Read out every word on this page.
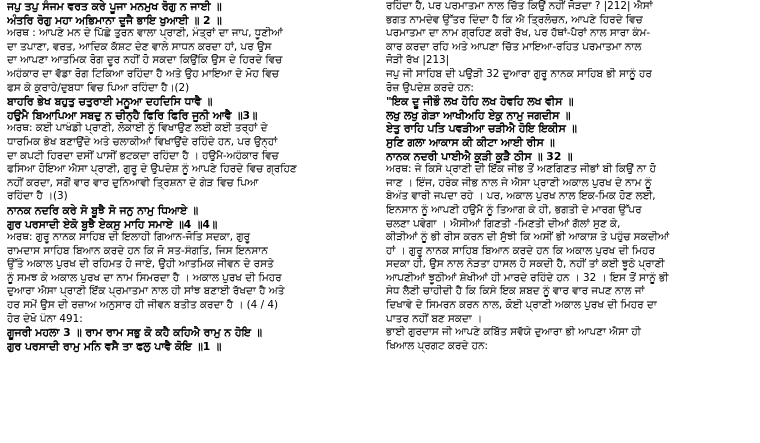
ਜਪੁ ਤਪੁ ਸੰਜਮ ਵਰਤ ਕਰੇ ਪੂਜਾ ਮਨਮੁਖ ਰੋਗੁ ਨ ਜਾਈ ॥
ਅੰਤਰਿ ਰੋਗੁ ਮਹਾ ਅਭਿਮਾਨਾ ਦੂਜੈ ਭਾਇ ਖੁਆਈ ॥ 2 ॥
ਅਰਥ : ਆਪਣੇ ਮਨ ਦੇ ਪਿੱਛੇ ਤੁਰਨ ਵਾਲਾ ਪ੍ਰਾਣੀ, ਮੰਤ੍ਰਾਂ ਦਾ ਜਾਪ, ਧੂਣੀਆਂ
ਦਾ ਤਪਾਣਾ, ਵਰਤ, ਆਦਿਕ ਕੱਸ਼ਟ ਦੇਣ ਵਾਲੇ ਸਾਧਨ ਕਰਦਾ ਹਾਂ, ਪਰ ਉਸ
ਦਾ ਆਪਣਾ ਆਤਮਿਕ ਰੋਗ ਦੂਰ ਨਹੀਂ ਹੋ ਸਕਦਾ ਕਿਉਂਕਿ ਉਸ ਦੇ ਹਿਰਦੇ ਵਿਚ
ਅਹੰਕਾਰ ਦਾ ਵੱਡਾ ਰੋਗ ਟਿਕਿਆ ਰਹਿੰਦਾ ਹੈ ਅਤੇ ਉਹ ਮਾਇਆ ਦੇ ਮੋਹ ਵਿਚ
ਫਸ ਕੇ ਕੁਰਾਹੇ/ਦੁਬਧਾ ਵਿਚ ਪਿਆ ਰਹਿੰਦਾ ਹੈ।(2)
ਬਾਹਰਿ ਭੇਖ ਬਹੁਤੁ ਚਤੁਰਾਈ ਮਨੂਆ ਦਹਦਿਸਿ ਧਾਵੈ ॥
ਹਉਮੈ ਬਿਆਪਿਆ ਸਬਦੁ ਨ ਚੀਨ੍ਹੈ ਫਿਰਿ ਫਿਰਿ ਜੂਨੀ ਆਵੈ ॥3॥
ਅਰਥ: ਕਈ ਪਾਖੰਡੀ ਪ੍ਰਾਣੀ, ਲੋਕਾਈ ਨੂੰ ਵਿਖਾਉਣ ਲਈ ਕਈ ਤਰ੍ਹਾਂ ਦੇ
ਧਾਰਮਿਕ ਭੇਖ ਬਣਾਉਂਦੇ ਅਤੇ ਚਲਾਕੀਆਂ ਵਿਖਾਉਂਦੇ ਰਹਿੰਦੇ ਹਨ, ਪਰ ਉਨ੍ਹਾਂ
ਦਾ ਕਪਟੀ ਹਿਰਦਾ ਦਸੀਂ ਪਾਸੀਂ ਭਟਕਦਾ ਰਹਿੰਦਾ ਹੈ । ਹਉਮੈ-ਅਹੰਕਾਰ ਵਿਚ
ਫਸਿਆ ਹੋਇਆ ਐਸਾ ਪ੍ਰਾਣੀ, ਗੁਰੂ ਦੇ ਉਪਦੇਸ਼ ਨੂੰ ਆਪਣੇ ਹਿਰਦੇ ਵਿਚ ਗ੍ਰਹਿਣ
ਨਹੀਂ ਕਰਦਾ, ਸਗੋਂ ਵਾਰ ਵਾਰ ਦੁਨਿਆਵੀ ਤ੍ਰਿਸ਼ਨਾ ਦੇ ਗੇੜ ਵਿਚ ਪਿਆ
ਰਹਿੰਦਾ ਹੈ ।(3)
ਨਾਨਕ ਨਦਰਿ ਕਰੇ ਸੋ ਬੂਝੈ ਸੋ ਜਨੁ ਨਾਮੁ ਧਿਆਏ ॥
ਗੁਰ ਪਰਸਾਦੀ ਏਕੋ ਬੂਝੈ ਏਕਸੁ ਮਾਹਿ ਸਮਾਏ ॥4 ॥4॥
ਅਰਥ: ਗੁਰੂ ਨਾਨਕ ਸਾਹਿਬ ਦੀ ਇਲਾਹੀ ਗਿਆਨ-ਜੋਤਿ ਸਦਕਾ, ਗੁਰੂ
ਰਾਮਦਾਸ ਸਾਹਿਬ ਬਿਆਨ ਕਰਦੇ ਹਨ ਕਿ ਜੋ ਸਤ-ਸੰਗਤਿ, ਜਿਸ ਇਨਸਾਨ
ਉੱਤੇ ਅਕਾਲ ਪੁਰਖ ਦੀ ਰਹਿਮਤ ਹੋ ਜਾਏ, ਉਹੀ ਆਤਮਿਕ ਜੀਵਨ ਦੇ ਰਸਤੇ
ਨੂੰ ਸਮਝ ਕੇ ਅਕਾਲ ਪੁਰਖ ਦਾ ਨਾਮ ਸਿਮਰਦਾ ਹੈ । ਅਕਾਲ ਪੁਰਖ ਦੀ ਮਿਹਰ
ਦੁਆਰਾ ਐਸਾ ਪ੍ਰਾਣੀ ਇੱਕ ਪ੍ਰਮਾਤਮਾ ਨਾਲ ਹੀ ਸਾਂਝ ਬਣਾਈ ਰੱਖਦਾ ਹੈ ਅਤੇ
ਹਰ ਸਮੇਂ ਉਸ ਦੀ ਰਜ਼ਾਅ ਅਨੁਸਾਰ ਹੀ ਜੀਵਨ ਬਤੀਤ ਕਰਦਾ ਹੈ । (4 / 4)
ਹੋਰ ਦੇਖੋ ਪੰਨਾ 491:
ਗੂਜਰੀ ਮਹਲਾ 3 ॥ ਰਾਮ ਰਾਮ ਸਭੁ ਕੋ ਕਹੈ ਕਹਿਐ ਰਾਮੁ ਨ ਹੋਇ ॥
ਗੁਰ ਪਰਸਾਦੀ ਰਾਮੁ ਮਨਿ ਵਸੈ ਤਾ ਫਲੁ ਪਾਵੈ ਕੋਇ ॥1 ॥
ਰਹਿੰਦਾ ਹੈ, ਪਰ ਪਰਮਾਤਮਾ ਨਾਲ ਚਿੱਤ ਕਿਉਂ ਨਹੀਂ ਜੋੜਦਾ ? |212| ਐਸਾਂ
ਭਗਤ ਨਾਮਦੇਵ ਉੱਤਰ ਦਿੰਦਾ ਹੈ ਕਿ ਐ ਤ੍ਰਿਲੋਚਨ, ਆਪਣੇ ਹਿਰਦੇ ਵਿਚ
ਪਰਮਾਤਮਾ ਦਾ ਨਾਮ ਗ੍ਰਹਿਣ ਕਰੀ ਰੱਖ, ਪਰ ਹੱਥਾਂ-ਪੈਰਾਂ ਨਾਲ ਸਾਰਾ ਕੰਮ-
ਕਾਰ ਕਰਦਾ ਰਹਿ ਅਤੇ ਆਪਣਾ ਚਿੱਤ ਮਾਇਆ-ਰਹਿਤ ਪਰਮਾਤਮਾ ਨਾਲ
ਜੋੜੀ ਰੱਖ |213|
ਜਪੁ ਜੀ ਸਾਹਿਬ ਦੀ ਪਉੜੀ 32 ਦੁਆਰਾ ਗੁਰੂ ਨਾਨਕ ਸਾਹਿਬ ਭੀ ਸਾਨੂੰ ਹਰ
ਰੋਜ਼ ਉਪਦੇਸ਼ ਕਰਦੇ ਹਨ:
"ਇਕ ਦੂ ਜੀਭੌ ਲਖ ਹੋਹਿ ਲਖ ਹੋਵਹਿ ਲਖ ਵੀਸ ॥
ਲਖੁ ਲਖੁ ਗੇੜਾ ਆਖੀਅਹਿ ਏਕੁ ਨਾਮੁ ਜਗਦੀਸ ॥
ਏਤੁ ਰਾਹਿ ਪਤਿ ਪਵੜੀਆ ਚੜੀਐ ਹੋਇ ਇਕੀਸ ॥
ਸੁਣਿ ਗਲਾ ਆਕਾਸ ਕੀ ਕੀਟਾ ਆਈ ਰੀਸ ॥
ਨਾਨਕ ਨਦਰੀ ਪਾਈਐ ਕੂੜੀ ਕੂੜੈ ਠੀਸ ॥ 32 ॥
ਅਰਥ: ਜੇ ਕਿਸੇ ਪ੍ਰਾਣੀ ਦੀ ਇੱਕ ਜੀਭ ਤੋਂ ਅਣਗਿਣਤ ਜੀਭਾਂ ਬੀ ਕਿਉਂ ਨਾ ਹੋ
ਜਾਣ । ਇੰਜ, ਹਰੇਕ ਜੀਭ ਨਾਲ ਜੇ ਐਸਾ ਪ੍ਰਾਣੀ ਅਕਾਲ ਪੁਰਖ ਦੇ ਨਾਮ ਨੂੰ
ਬੇਅੰਤ ਵਾਰੀ ਜਪਦਾ ਰਹੇ । ਪਰ, ਅਕਾਲ ਪੁਰਖ ਨਾਲ ਇਕ-ਮਿਕ ਹੋਣ ਲਈ,
ਇਨਸਾਨ ਨੂੰ ਆਪਣੀ ਹਉਮੈ ਨੂੰ ਤਿਆਗ ਕੇ ਹੀ, ਭਗਤੀ ਦੇ ਮਾਰਗ ਉੱਪਰ
ਚਲਣਾ ਪਵੇਗਾ । ਐਸੀਆਂ ਗਿਣਤੀ -ਮਿਣਤੀ ਦੀਆਂ ਗੱਲਾਂ ਸੁਣ ਕੇ,
ਕੀੜੀਆਂ ਨੂੰ ਭੀ ਰੀਸ ਕਰਨ ਦੀ ਸੁੱਝੀ ਕਿ ਅਸੀਂ ਭੀ ਆਕਾਸ਼ ਤੇ ਪਹੁੰਚ ਸਕਦੀਆਂ
ਹਾਂ । ਗੁਰੂ ਨਾਨਕ ਸਾਹਿਬ ਬਿਆਨ ਕਰਦੇ ਹਨ ਕਿ ਅਕਾਲ ਪੁਰਖ ਦੀ ਮਿਹਰ
ਸਦਕਾ ਹੀ, ਉਸ ਨਾਲ ਨੇੜਤਾ ਹਾਸਲ ਹੋ ਸਕਦੀ ਹੈ, ਨਹੀਂ ਤਾਂ ਕਈ ਝੂਠੇ ਪ੍ਰਾਣੀ
ਆਪਣੀਆਂ ਝੂਠੀਆਂ ਸ਼ੇਖੀਆਂ ਹੀ ਮਾਰਦੇ ਰਹਿੰਦੇ ਹਨ । 32 । ਇਸ ਤੋਂ ਸਾਨੂੰ ਭੀ
ਸੇਧ ਲੈਣੀ ਚਾਹੀਦੀ ਹੈ ਕਿ ਕਿਸੇ ਇਕ ਸ਼ਬਦ ਨੂੰ ਵਾਰ ਵਾਰ ਜਪਣ ਨਾਲ ਜਾਂ
ਦਿਖਾਵੇ ਦੇ ਸਿਮਰਨ ਕਰਨ ਨਾਲ, ਕੋਈ ਪ੍ਰਾਣੀ ਅਕਾਲ ਪੁਰਖ ਦੀ ਮਿਹਰ ਦਾ
ਪਾਤਰ ਨਹੀਂ ਬਣ ਸਕਦਾ ।
ਭਾਈ ਗੁਰਦਾਸ ਜੀ ਆਪਣੇ ਕਬਿੱਤ ਸਵੱਯੇ ਦੁਆਰਾ ਭੀ ਆਪਣਾ ਐਸਾ ਹੀ
ਖਿਆਲ ਪ੍ਰਗਟ ਕਰਦੇ ਹਨ:
